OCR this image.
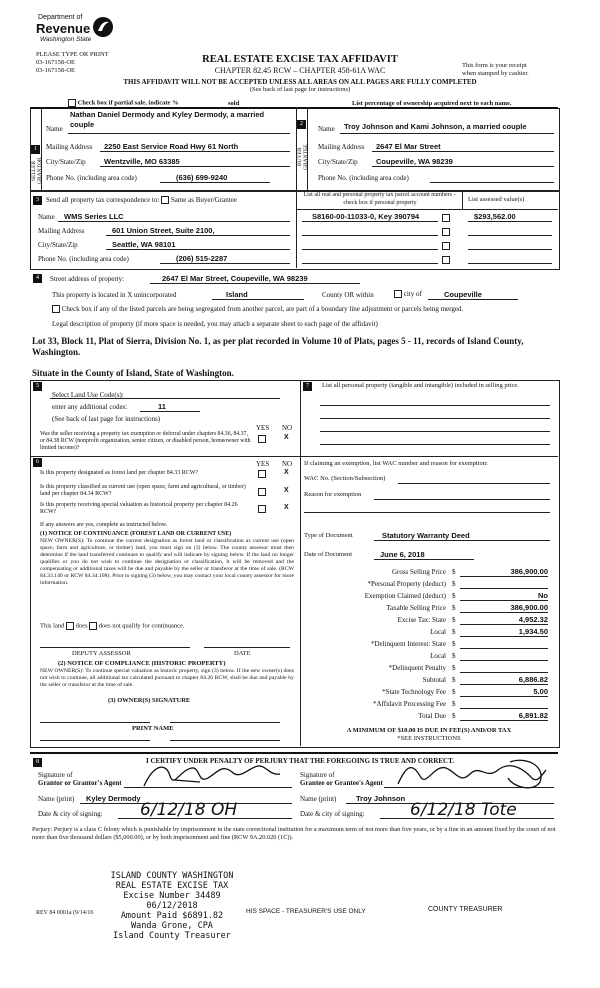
Department of
Revenue
Washington State
PLEASE TYPE OR PRINT
03-167158-OE
03-167158-OE
REAL ESTATE EXCISE TAX AFFIDAVIT
CHAPTER 82.45 RCW – CHAPTER 458-61A WAC
This form is your receipt
when stamped by cashier.
THIS AFFIDAVIT WILL NOT BE ACCEPTED UNLESS ALL AREAS ON ALL PAGES ARE FULLY COMPLETED
(See back of last page for instructions)
Check box if partial sale, indicate %	sold	List percentage of ownership acquired next to each name.
1
SELLER GRANTOR
Name
Nathan Daniel Dermody and Kyley Dermody, a married couple
Mailing Address 2250 East Service Road Hwy 61 North
City/State/Zip Wentzville, MO 63385
Phone No. (including area code)	(636) 699-9240
2
BUYER GRANTEE
Name Troy Johnson and Kami Johnson, a married couple
Mailing Address 2647 El Mar Street
City/State/Zip Coupeville, WA 98239
Phone No. (including area code)
3	Send all property tax correspondence to: Same as Buyer/Grantee
Name WMS Series LLC
Mailing Address	601 Union Street, Suite 2100,
City/State/Zip	Seattle, WA 98101
Phone No. (including area code)	(206) 515-2287
List all real and personal property tax parcel account numbers – check box if personal property	List assessed value(s)
S8160-00-11033-0, Key 390794	$293,562.00
4	Street address of property:	2647 El Mar Street, Coupeville, WA 98239
This property is located in X unincorporated	Island	County OR within	city of	Coupeville
Check box if any of the listed parcels are being segregated from another parcel, are part of a boundary line adjustment or parcels being merged.
Legal description of property (if more space is needed, you may attach a separate sheet to each page of the affidavit)
Lot 33, Block 11, Plat of Sierra, Division No. 1, as per plat recorded in Volume 10 of Plats, pages 5 - 11, records of Island County, Washington.
Situate in the County of Island, State of Washington.
5
Select Land Use Code(s):
enter any additional codes:	11
(See back of last page for instructions)
YES NO
Was the seller receiving a property tax exemption or deferral under chapters 84.36, 84.37, or 84.38 RCW (nonprofit organization, senior citizen, or disabled person, homeowner with limited income)?
X
6	YES NO
Is this property designated as forest land per chapter 84.33 RCW?	X
Is this property classified as current use (open space, farm and agricultural, or timber) land per chapter 84.34 RCW?	X
Is this property receiving special valuation as historical property per chapter 84.26 RCW?
X
If any answers are yes, complete as instructed below.
(1) NOTICE OF CONTINUANCE (FOREST LAND OR CURRENT USE)
NEW OWNER(S): To continue the current designation as forest land or classification as current use (open space, farm and agriculture, or timber) land, you must sign on (3) below. The county assessor must then determine if the land transferred continues to qualify and will indicate by signing below. If the land no longer qualifies or you do not wish to continue the designation or classification, it will be removed and the compensating or additional taxes will be due and payable by the seller or transferor at the time of sale. (RCW 84.33.140 or RCW 84.34.108). Prior to signing (3) below, you may contact your local county assessor for more information.
This land does does not qualify for continuance.
DEPUTY ASSESSOR	DATE
(2) NOTICE OF COMPLIANCE (HISTORIC PROPERTY)
NEW OWNER(S): To continue special valuation as historic property, sign (3) below. If the new owner(s) does not wish to continue, all additional tax calculated pursuant to chapter 84.26 RCW, shall be due and payable by the seller or transferor at the time of sale.
(3) OWNER(S) SIGNATURE
PRINT NAME
7	List all personal property (tangible and intangible) included in selling price.
If claiming an exemption, list WAC number and reason for exemption:
WAC No. (Section/Subsection)
Reason for exemption
Type of Document	Statutory Warranty Deed
Date of Document	June 6, 2018
Gross Selling Price $	386,900.00
*Personal Property (deduct) $
Exemption Claimed (deduct) $	No
Taxable Selling Price $	386,900.00
Excise Tax: State $	4,952.32
Local $	1,934.50
*Delinquent Interest: State $
Local $
*Delinquent Penalty $
Subtotal $	6,886.82
*State Technology Fee $	5.00
*Affidavit Processing Fee $
Total Due $	6,891.82
A MINIMUM OF $10.00 IS DUE IN FEE(S) AND/OR TAX
*SEE INSTRUCTIONS
8	I CERTIFY UNDER PENALTY OF PERJURY THAT THE FOREGOING IS TRUE AND CORRECT.
Signature of
Grantor or Grantor's Agent
Signature of
Grantee or Grantee's Agent
Name (print) Kyley Dermody	Name (print)	Troy Johnson
Date & city of signing: 6/12/18 OH	Date & city of signing:	6/12/18 Tote
Perjury: Perjury is a class C felony which is punishable by imprisonment in the state correctional institution for a maximum term of not more than five years, or by a fine in an amount fixed by the court of not more than five thousand dollars ($5,000.00), or by both imprisonment and fine (RCW 9A.20.020 (1C)).
ISLAND COUNTY WASHINGTON
REAL ESTATE EXCISE TAX
Excise Number 34489
06/12/2018
Amount Paid $6891.82
Wanda Grone, CPA
Island County Treasurer
REV 84 0001a (9/14/16	HIS SPACE - TREASURER'S USE ONLY	COUNTY TREASURER
